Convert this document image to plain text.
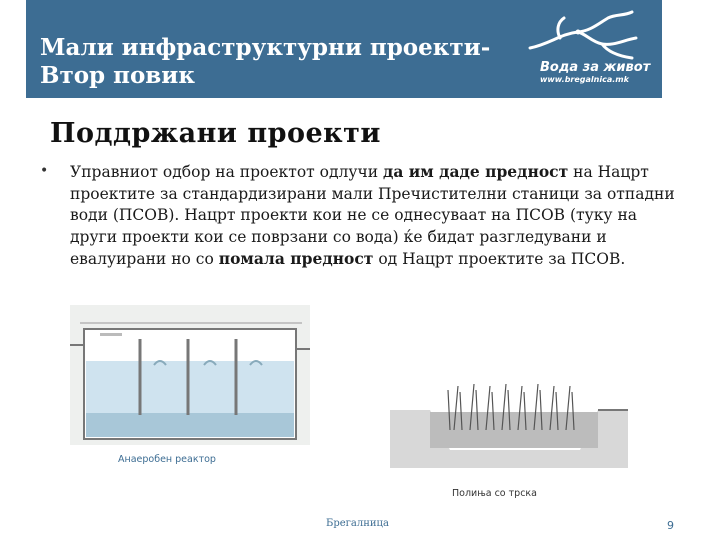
Мали инфраструктурни проекти-
Втор повик	Вода за живот
www.bregalnica.mk
Поддржани проекти
• Управниот одбор на проектот одлучи да им даде предност на Нацрт проектите за стандардизирани мали Пречистителни станици за отпадни води (ПСОВ). Нацрт проекти кои не се однесуваат на ПСОВ (туку на други проекти кои се поврзани со вода) ќе бидат разгледувани и евалуирани но со помала предност од Нацрт проектите за ПСОВ.
Анаеробен реактор
Полиња со трска
Брегалница	9
